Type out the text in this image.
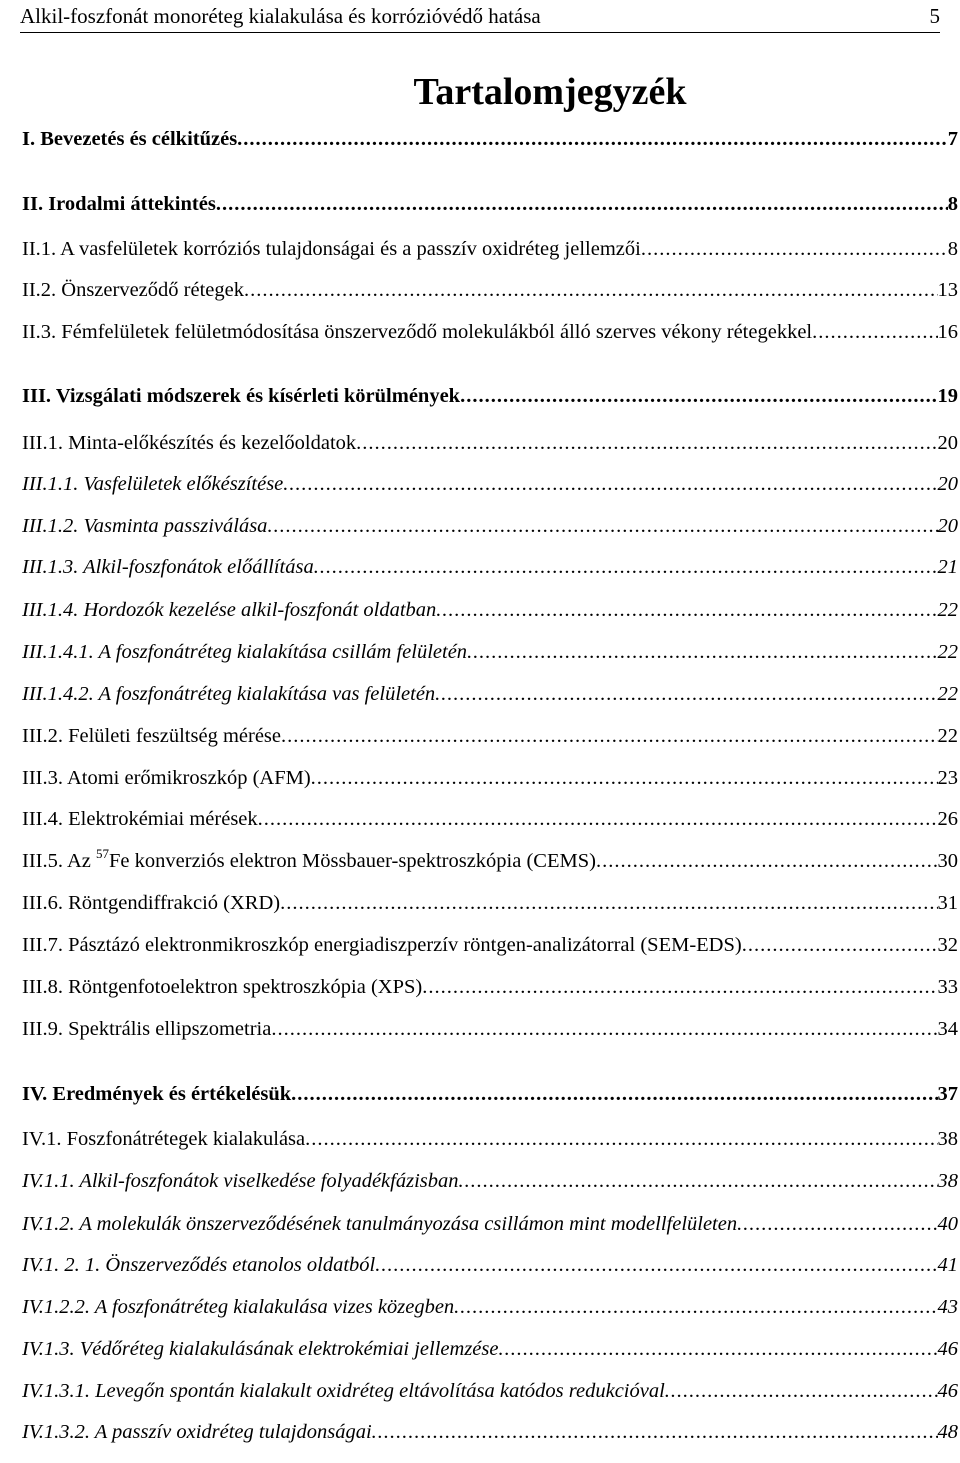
Alkil-foszfonát monoréteg kialakulása és korrózióvédő hatása	5
Tartalomjegyzék
I. Bevezetés és célkitűzés .....	7
II. Irodalmi áttekintés .....	8
II.1. A vasfelületek korróziós tulajdonságai és a passzív oxidréteg jellemzői .....	8
II.2. Önszerveződő rétegek .....	13
II.3. Fémfelületek felületmódosítása önszerveződő molekulákból álló szerves vékony rétegekkel .....	16
III. Vizsgálati módszerek és kísérleti körülmények .....	19
III.1. Minta-előkészítés és kezelőoldatok .....	20
III.1.1. Vasfelületek előkészítése .....	20
III.1.2. Vasminta passziválása .....	20
III.1.3. Alkil-foszfonátok előállítása .....	21
III.1.4. Hordozók kezelése alkil-foszfonát oldatban .....	22
III.1.4.1. A foszfonátréteg kialakítása csillám felületén .....	22
III.1.4.2. A foszfonátréteg kialakítása vas felületén .....	22
III.2. Felületi feszültség mérése .....	22
III.3. Atomi erőmikroszkóp (AFM) .....	23
III.4. Elektrokémiai mérések .....	26
III.5. Az $^{57}$Fe konverziós elektron Mössbauer-spektroszkópia (CEMS) .....	30
III.6. Röntgendiffrakció (XRD) .....	31
III.7. Pásztázó elektronmikroszkóp energiadiszperzív röntgen-analizátorral (SEM-EDS) .....	32
III.8. Röntgenfotoelektron spektroszkópia (XPS) .....	33
III.9. Spektrális ellipszometria .....	34
IV. Eredmények és értékelésük .....	37
IV.1. Foszfonátrétegek kialakulása .....	38
IV.1.1. Alkil-foszfonátok viselkedése folyadékfázisban .....	38
IV.1.2. A molekulák önszerveződésének tanulmányozása csillámon mint modellfelületen .....	40
IV.1. 2. 1. Önszerveződés etanolos oldatból .....	41
IV.1.2.2. A foszfonátréteg kialakulása vizes közegben .....	43
IV.1.3. Védőréteg kialakulásának elektrokémiai jellemzése .....	46
IV.1.3.1. Levegőn spontán kialakult oxidréteg eltávolítása katódos redukcióval .....	46
IV.1.3.2. A passzív oxidréteg tulajdonságai .....	48
